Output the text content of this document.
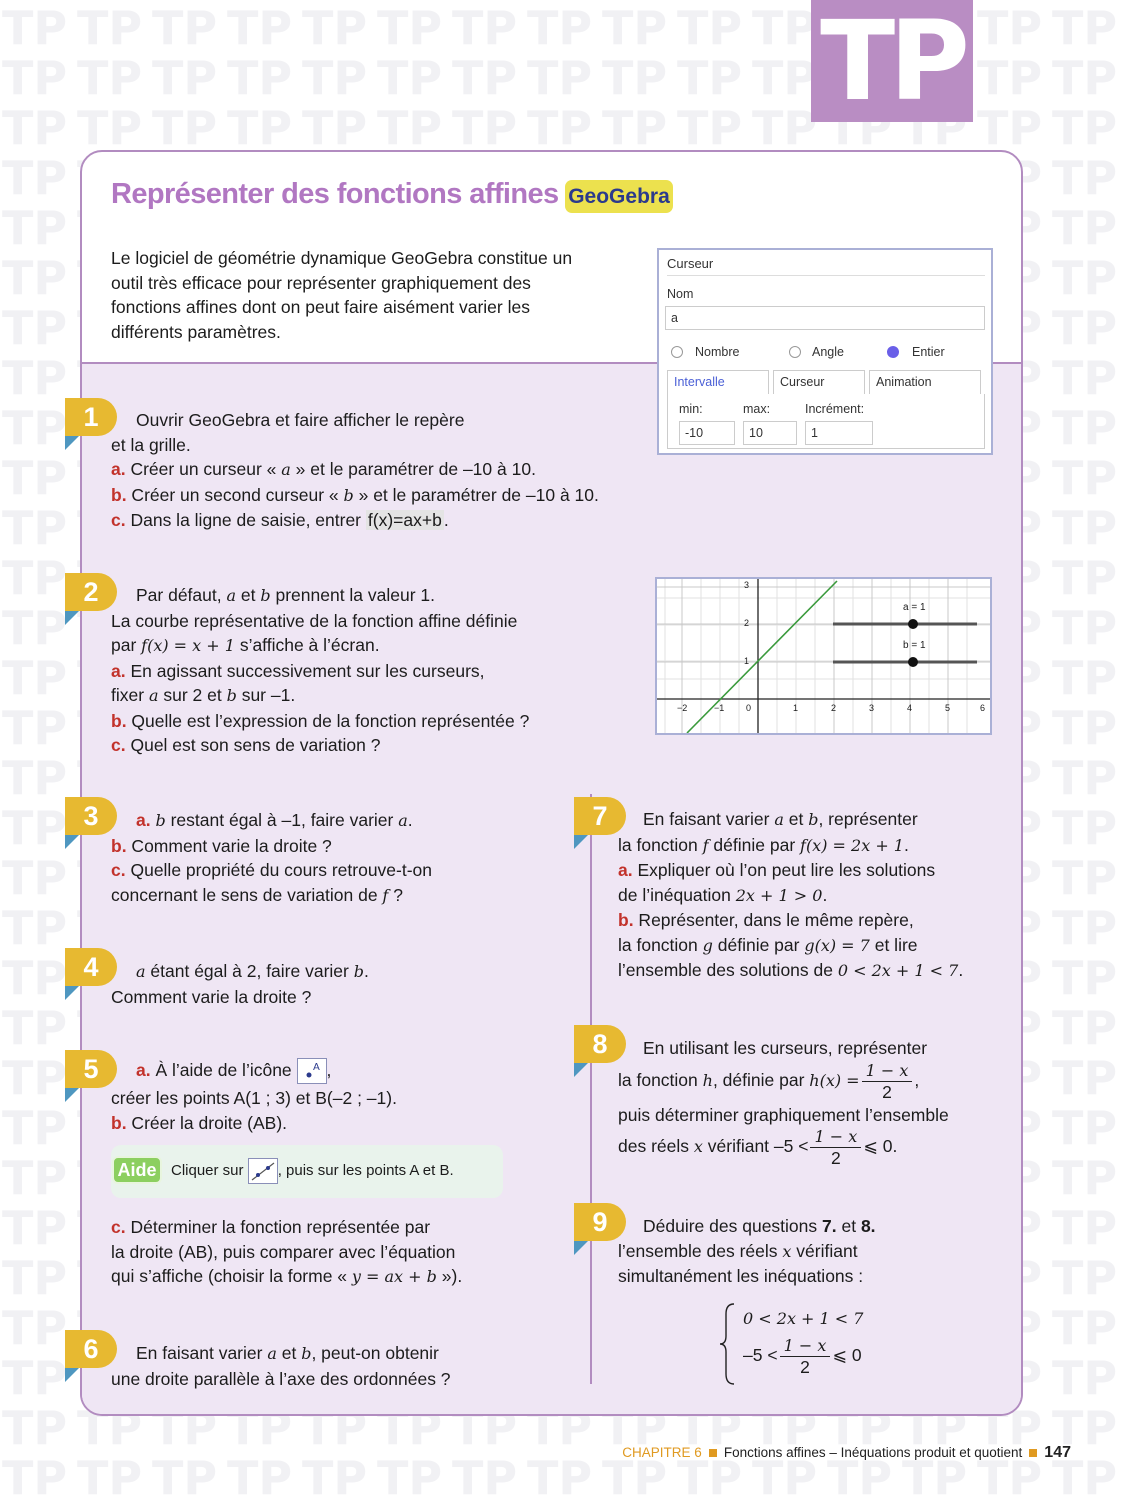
TP
Représenter des fonctions affines GeoGebra
Le logiciel de géométrie dynamique GeoGebra constitue un outil très efficace pour représenter graphiquement des fonctions affines dont on peut faire aisément varier les différents paramètres.
Curseur
Nom
a
Nombre	Angle	Entier
Intervalle	Curseur	Animation
min:	max:	Incrément:
-10	10	1
−2	−1 0	1	2	3	4	5	6
1
2
3
a = 1
b = 1
1	Ouvrir GeoGebra et faire afficher le repère
et la grille.
a. Créer un curseur « a » et le paramétrer de –10 à 10.
b. Créer un second curseur « b » et le paramétrer de –10 à 10.
c. Dans la ligne de saisie, entrer f(x)=ax+b .
2	Par défaut, a et b prennent la valeur 1.
La courbe représentative de la fonction affine définie
par f(x) = x + 1 s’affiche à l’écran.
a. En agissant successivement sur les curseurs,
fixer a sur 2 et b sur –1.
b. Quelle est l’expression de la fonction représentée ?
c. Quel est son sens de variation ?
3	a. b restant égal à –1, faire varier a.
b. Comment varie la droite ?
c. Quelle propriété du cours retrouve-t-on
concernant le sens de variation de f ?
4	a étant égal à 2, faire varier b.
Comment varie la droite ?
5	a. À l’aide de l’icône A ,
créer les points A(1 ; 3) et B(–2 ; –1).
b. Créer la droite (AB).
Aide Cliquer sur
, puis sur les points A et B.
c. Déterminer la fonction représentée par
la droite (AB), puis comparer avec l’équation
qui s’affiche (choisir la forme « y = ax + b »).
6	En faisant varier a et b, peut-on obtenir
une droite parallèle à l’axe des ordonnées ?
7	En faisant varier a et b, représenter
la fonction f définie par f(x) = 2x + 1.
a. Expliquer où l’on peut lire les solutions
de l’inéquation 2x + 1 > 0.
b. Représenter, dans le même repère,
la fonction g définie par g(x) = 7 et lire
l’ensemble des solutions de 0 < 2x + 1 < 7.
8	En utilisant les curseurs, représenter
la fonction h, définie par $h(x) = \frac{1 - x}{2}$ ,
puis déterminer graphiquement l’ensemble
des réels x vérifiant $-5 < \frac{1 - x}{2}$ ⩽ 0.
9	Déduire des questions 7. et 8.
l’ensemble des réels x vérifiant
simultanément les inéquations :
0 < 2x + 1 < 7
$-5 < \frac{1 - x}{2}$ ⩽ 0
CHAPITRE 6 Fonctions affines – Inéquations produit et quotient 147
